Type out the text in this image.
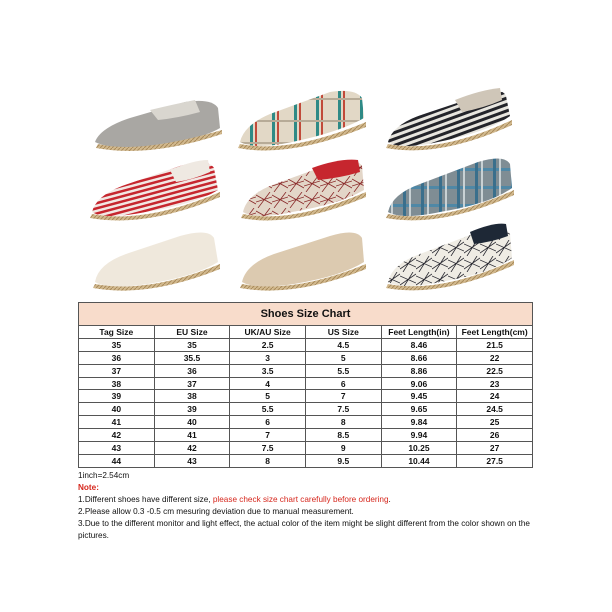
Shoes Size Chart
Tag Size	EU Size	UK/AU Size	US Size	Feet Length(in)	Feet Length(cm)
35	35	2.5	4.5	8.46	21.5
36	35.5	3	5	8.66	22
37	36	3.5	5.5	8.86	22.5
38	37	4	6	9.06	23
39	38	5	7	9.45	24
40	39	5.5	7.5	9.65	24.5
41	40	6	8	9.84	25
42	41	7	8.5	9.94	26
43	42	7.5	9	10.25	27
44	43	8	9.5	10.44	27.5
1inch=2.54cm
Note:
1.Different shoes have different size, please check size chart carefully before ordering.
2.Please allow 0.3 -0.5 cm mesuring deviation due to manual measurement.
3.Due to the different monitor and light effect, the actual color of the item might be slight different from the color shown on the pictures.
